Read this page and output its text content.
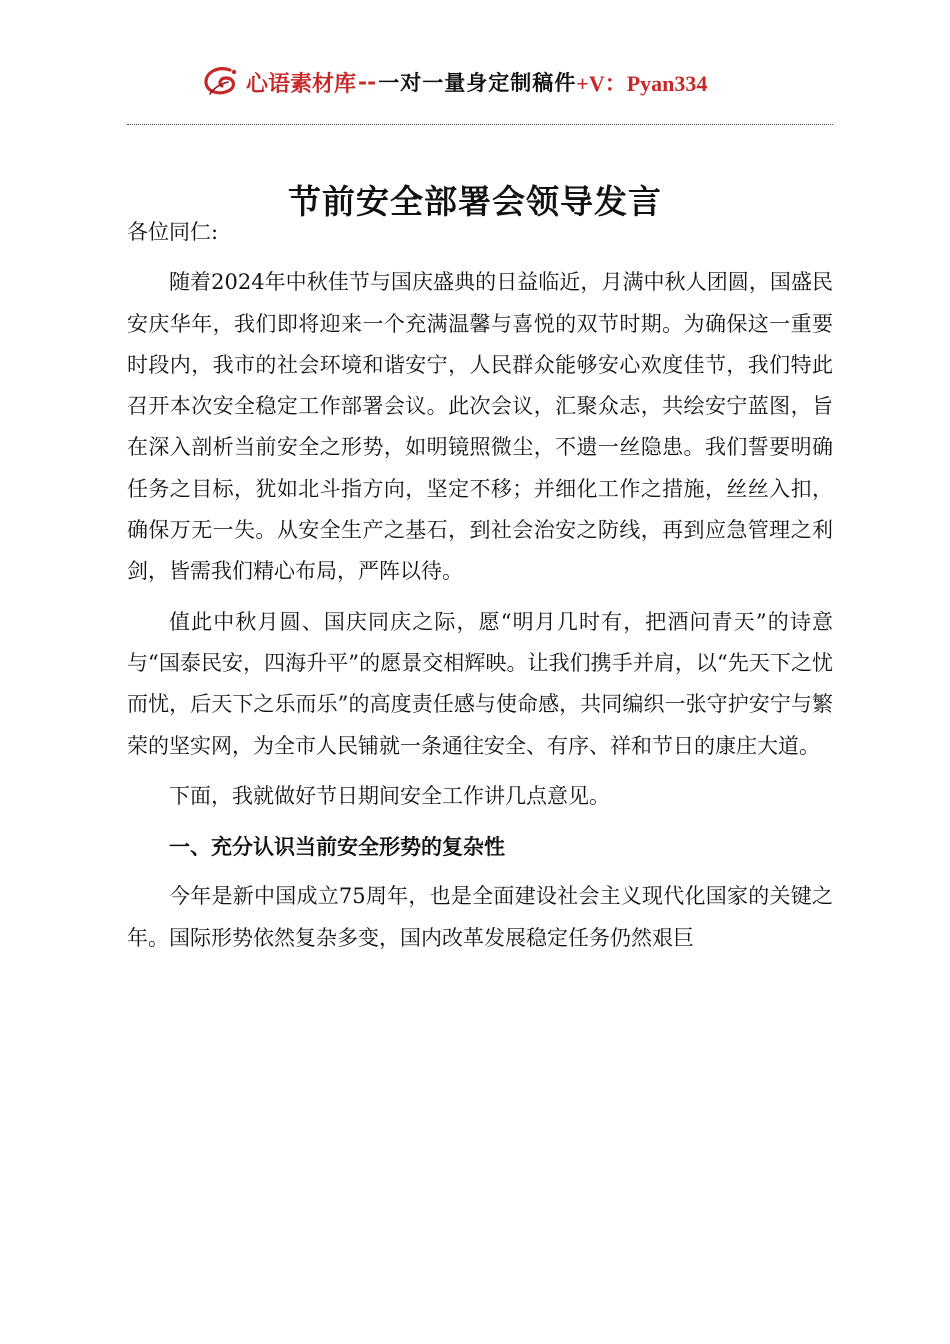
心语素材库 -- 一对一量身定制稿件 +V：Pyan334
节前安全部署会领导发言

各位同仁:

随着2024年中秋佳节与国庆盛典的日益临近，月满中秋人团圆，国盛民安庆华年，我们即将迎来一个充满温馨与喜悦的双节时期。为确保这一重要时段内，我市的社会环境和谐安宁，人民群众能够安心欢度佳节，我们特此召开本次安全稳定工作部署会议。此次会议，汇聚众志，共绘安宁蓝图，旨在深入剖析当前安全之形势，如明镜照微尘，不遗一丝隐患。我们誓要明确任务之目标，犹如北斗指方向，坚定不移；并细化工作之措施，丝丝入扣，确保万无一失。从安全生产之基石，到社会治安之防线，再到应急管理之利剑，皆需我们精心布局，严阵以待。

值此中秋月圆、国庆同庆之际，愿“明月几时有，把酒问青天”的诗意与“国泰民安，四海升平”的愿景交相辉映。让我们携手并肩，以“先天下之忧而忧，后天下之乐而乐”的高度责任感与使命感，共同编织一张守护安宁与繁荣的坚实网，为全市人民铺就一条通往安全、有序、祥和节日的康庄大道。

下面，我就做好节日期间安全工作讲几点意见。

一、充分认识当前安全形势的复杂性

今年是新中国成立75周年，也是全面建设社会主义现代化国家的关键之年。国际形势依然复杂多变，国内改革发展稳定任务仍然艰巨
